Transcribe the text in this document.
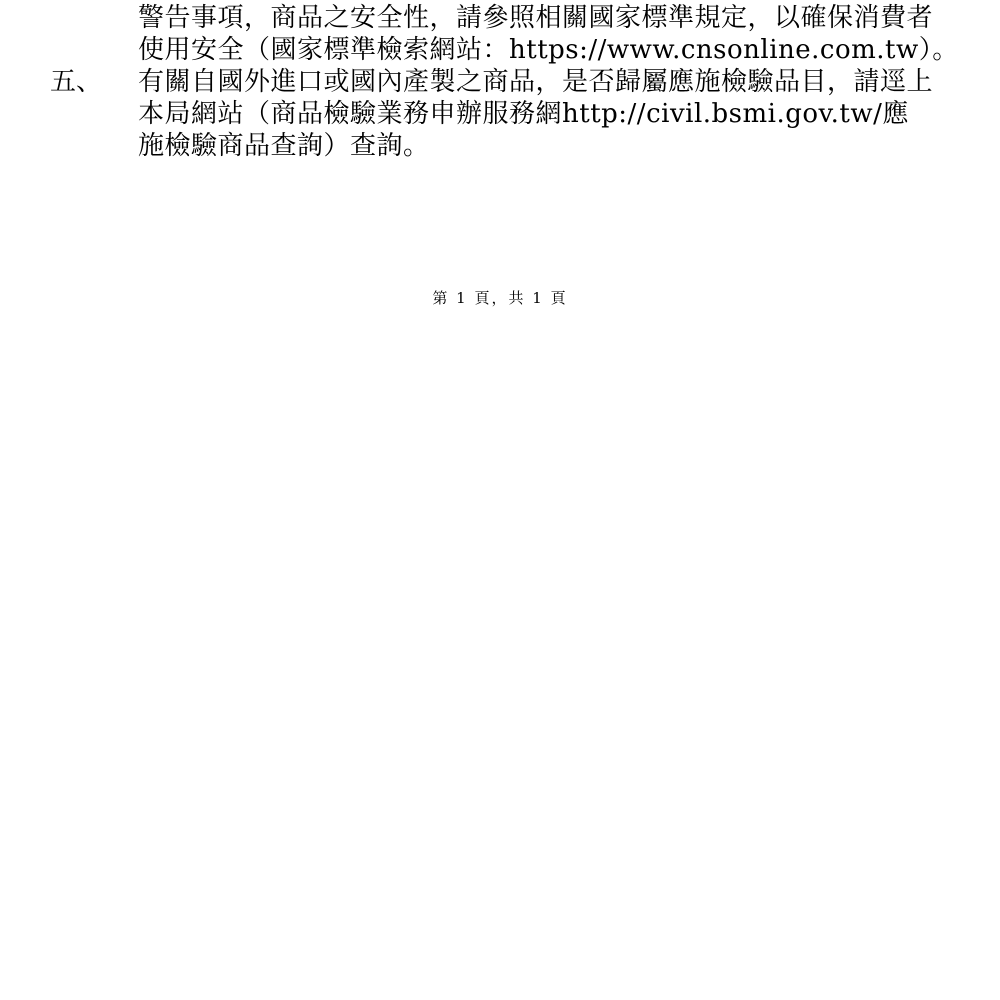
警告事項，商品之安全性，請參照相關國家標準規定，以確保消費者
使用安全（國家標準檢索網站：https://www.cnsonline.com.tw）。
五、 有關自國外進口或國內產製之商品，是否歸屬應施檢驗品目，請逕上
本局網站（商品檢驗業務申辦服務網http://civil.bsmi.gov.tw/應
施檢驗商品查詢）查詢。
第 1 頁，共 1 頁
